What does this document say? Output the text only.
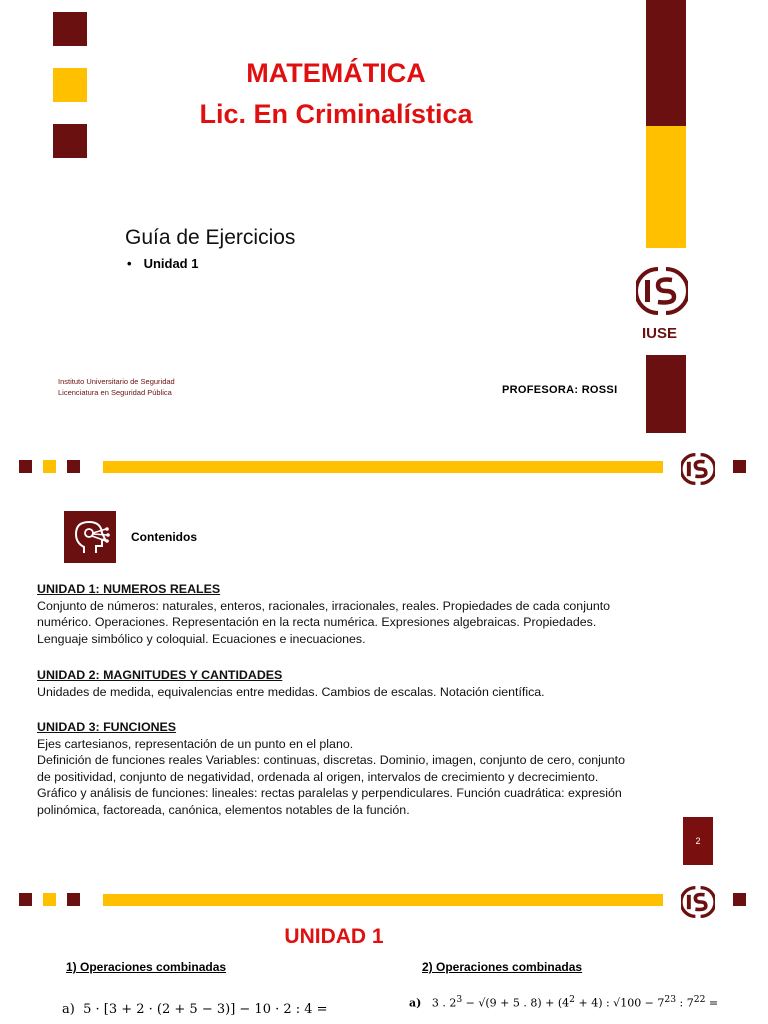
MATEMÁTICA
Lic. En Criminalística
Guía de Ejercicios
• Unidad 1
IUSE
Instituto Universitario de Seguridad
Licenciatura en Seguridad Pública	PROFESORA: ROSSI
Contenidos
UNIDAD 1: NUMEROS REALES
Conjunto de números: naturales, enteros, racionales, irracionales, reales. Propiedades de cada conjunto
numérico. Operaciones. Representación en la recta numérica. Expresiones algebraicas. Propiedades.
Lenguaje simbólico y coloquial. Ecuaciones e inecuaciones.
UNIDAD 2: MAGNITUDES Y CANTIDADES
Unidades de medida, equivalencias entre medidas. Cambios de escalas. Notación científica.
UNIDAD 3: FUNCIONES
Ejes cartesianos, representación de un punto en el plano.
Definición de funciones reales Variables: continuas, discretas. Dominio, imagen, conjunto de cero, conjunto
de positividad, conjunto de negatividad, ordenada al origen, intervalos de crecimiento y decrecimiento.
Gráfico y análisis de funciones: lineales: rectas paralelas y perpendiculares. Función cuadrática: expresión
polinómica, factoreada, canónica, elementos notables de la función.
2
UNIDAD 1
1) Operaciones combinadas	2) Operaciones combinadas
a)  5 · [3 + 2 · (2 + 5 − 3)] − 10 · 2 : 4 =	a)   3 . $2^3 - √(9 + 5$ . $8) + (4^2 + 4)$ : $√100 - 7^{23}$ : $7^{22}$ =
